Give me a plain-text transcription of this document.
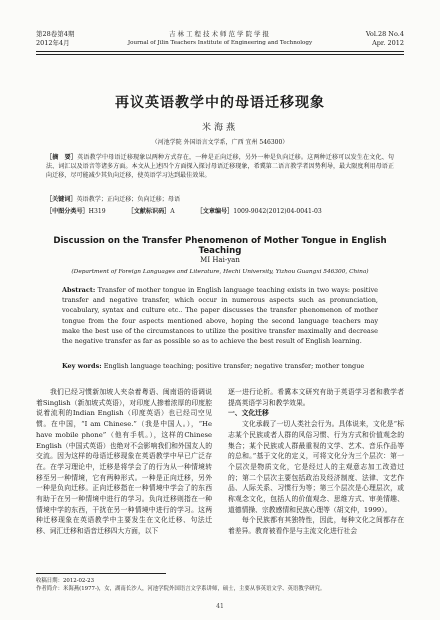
第28卷第4期
2012年4月
吉林工程技术师范学院学报
Journal of Jilin Teachers Institute of Engineering and Technology
Vol.28 No.4
Apr. 2012
再议英语教学中的母语迁移现象
米海燕
（河池学院 外国语言文学系，广西 宜州 546300）
［摘　要］英语教学中母语迁移现象以两种方式存在，一种是正向迁移，另外一种是负向迁移。这两种迁移可以发生在文化、句法、词汇以及语音等诸多方面。本文从上述四个方面探入探讨母语迁移现象，希冀第二语言教学者因势利导，最大限度利用母语正向迁移，尽可能减少其负向迁移，使英语学习达到最佳效果。
［关键词］英语教学；正向迁移；负向迁移；母语
［中图分类号］H319	［文献标识码］A	［文章编号］1009-9042(2012)04-0041-03
Discussion on the Transfer Phenomenon of Mother Tongue in English Teaching
MI Hai-yan
(Department of Foreign Languages and Literature, Hechi University, Yizhou Guangxi 546300, China)
Abstract: Transfer of mother tongue in English language teaching exists in two ways: positive transfer and negative transfer, which occur in numerous aspects such as pronunciation, vocabulary, syntax and culture etc.. The paper discusses the transfer phenomenon of mother tongue from the four aspects mentioned above, hoping the second language teachers may make the best use of the circumstances to utilize the positive transfer maximally and decrease the negative transfer as far as possible so as to achieve the best result of English learning.
Key words: English language teaching; positive transfer; negative transfer; mother tongue

我们已经习惯新加坡人夹杂着粤语、闽南语的语调说着Singlish（新加坡式英语），对印度人掺着浓厚的印度腔说着流利的Indian English（印度英语）也已经司空见惯。在中国，“I am Chinese.”（我是中国人。），“He have mobile phone”（他有手机。），这样的Chinese English（中国式英语）也绝对不会影响我们和外国友人的交流。因为这样的母语迁移现象在英语教学中早已广泛存在。在学习理论中，迁移是将学会了的行为从一种情境转移至另一种情境，它有两种形式。一种是正向迁移，另外一种是负向迁移。正向迁移指在一种情境中学会了的东西有助于在另一种情境中进行的学习。负向迁移则指在一种情境中学的东西，干扰在另一种情境中进行的学习。这两种迁移现象在英语教学中主要发生在文化迁移、句法迁移、词汇迁移和语音迁移四大方面，以下

逐一进行论析。希冀本文研究有助于英语学习者和教学者提高英语学习和教学效果。

一、文化迁移

文化承载了一切人类社会行为。具体说来，文化是“标志某个民族或者人群的风俗习惯、行为方式和价值观念的集合；某个民族或人群最重视的文学、艺术、音乐作品等的总和。”基于文化的定义，可将文化分为三个层次：第一个层次是物质文化，它是经过人的主观意志加工改造过的；第二个层次主要包括政治及经济制度、法律、文艺作品、人际关系、习惯行为等；第三个层次是心理层次，或称观念文化，包括人的价值观念、思维方式、审美情趣、道德情操、宗教感情和民族心理等（胡文仲，1999）。

每个民族都有其独特性，因此，每种文化之间都存在着差异。教育被看作是与主流文化进行社会

收稿日期：2012-02-23
作者简介：米海燕(1977-)，女，湖南长沙人，河池学院外国语言文学系讲师，硕士，主要从事英语文学、英语教学研究。
41
